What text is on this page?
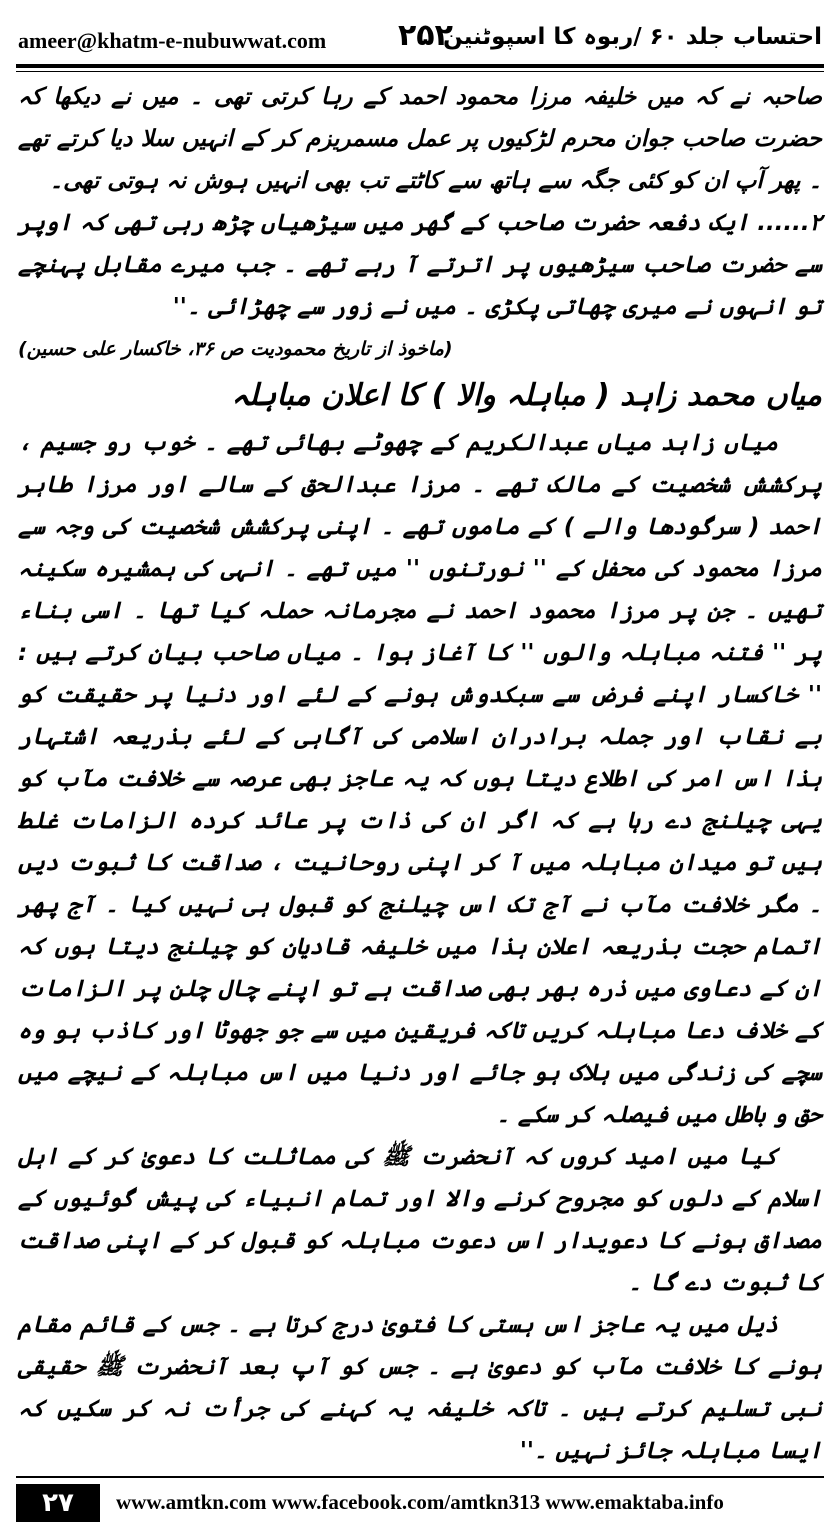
ameer@khatm-e-nubuwwat.com ۲۵۲
احتساب جلد ۶۰ /ربوہ کا اسپوٹنین

صاحبہ نے کہ میں خلیفہ مرزا محمود احمد کے رہا کرتی تھی ۔ میں نے دیکھا کہ حضرت صاحب جوان محرم لڑکیوں پر عمل مسمریزم کر کے انہیں سلا دیا کرتے تھے ۔ پھر آپ ان کو کئی جگہ سے ہاتھ سے کاٹتے تب بھی انہیں ہوش نہ ہوتی تھی۔

۲...... ایک دفعہ حضرت صاحب کے گھر میں سیڑھیاں چڑھ رہی تھی کہ اوپر سے حضرت صاحب سیڑھیوں پر اترتے آ رہے تھے ۔ جب میرے مقابل پہنچے تو انہوں نے میری چھاتی پکڑی ۔ میں نے زور سے چھڑائی ۔''

(ماخوذ از تاریخ محمودیت ص ۳۶، خاکسار علی حسین)

میاں محمد زاہد ( مباہلہ والا ) کا اعلان مباہلہ

میاں زاہد میاں عبدالکریم کے چھوٹے بھائی تھے ۔ خوب رو جسیم ، پرکشش شخصیت کے مالک تھے ۔ مرزا عبدالحق کے سالے اور مرزا طاہر احمد ( سرگودھا والے ) کے ماموں تھے ۔ اپنی پرکشش شخصیت کی وجہ سے مرزا محمود کی محفل کے '' نورتنوں '' میں تھے ۔ انہی کی ہمشیرہ سکینہ تھیں ۔ جن پر مرزا محمود احمد نے مجرمانہ حملہ کیا تھا ۔ اسی بناء پر '' فتنہ مباہلہ والوں '' کا آغاز ہوا ۔ میاں صاحب بیان کرتے ہیں : '' خاکسار اپنے فرض سے سبکدوش ہونے کے لئے اور دنیا پر حقیقت کو بے نقاب اور جملہ برادران اسلامی کی آگاہی کے لئے بذریعہ اشتہار ہذا اس امر کی اطلاع دیتا ہوں کہ یہ عاجز بھی عرصہ سے خلافت مآب کو یہی چیلنج دے رہا ہے کہ اگر ان کی ذات پر عائد کردہ الزامات غلط ہیں تو میدان مباہلہ میں آ کر اپنی روحانیت ، صداقت کا ثبوت دیں ۔ مگر خلافت مآب نے آج تک اس چیلنج کو قبول ہی نہیں کیا ۔ آج پھر اتمام حجت بذریعہ اعلان ہذا میں خلیفہ قادیان کو چیلنج دیتا ہوں کہ ان کے دعاوی میں ذرہ بھر بھی صداقت ہے تو اپنے چال چلن پر الزامات کے خلاف دعا مباہلہ کریں تاکہ فریقین میں سے جو جھوٹا اور کاذب ہو وہ سچے کی زندگی میں ہلاک ہو جائے اور دنیا میں اس مباہلہ کے نیچے میں حق و باطل میں فیصلہ کر سکے ۔

کیا میں امید کروں کہ آنحضرت ﷺ کی مماثلت کا دعویٰ کر کے اہل اسلام کے دلوں کو مجروح کرنے والا اور تمام انبیاء کی پیش گوئیوں کے مصداق ہونے کا دعویدار اس دعوت مباہلہ کو قبول کر کے اپنی صداقت کا ثبوت دے گا ۔

ذیل میں یہ عاجز اس ہستی کا فتویٰ درج کرتا ہے ۔ جس کے قائم مقام ہونے کا خلافت مآب کو دعویٰ ہے ۔ جس کو آپ بعد آنحضرت ﷺ حقیقی نبی تسلیم کرتے ہیں ۔ تاکہ خلیفہ یہ کہنے کی جرأت نہ کر سکیں کہ ایسا مباہلہ جائز نہیں ۔''

۲۷	www.amtkn.com www.facebook.com/amtkn313 www.emaktaba.info
